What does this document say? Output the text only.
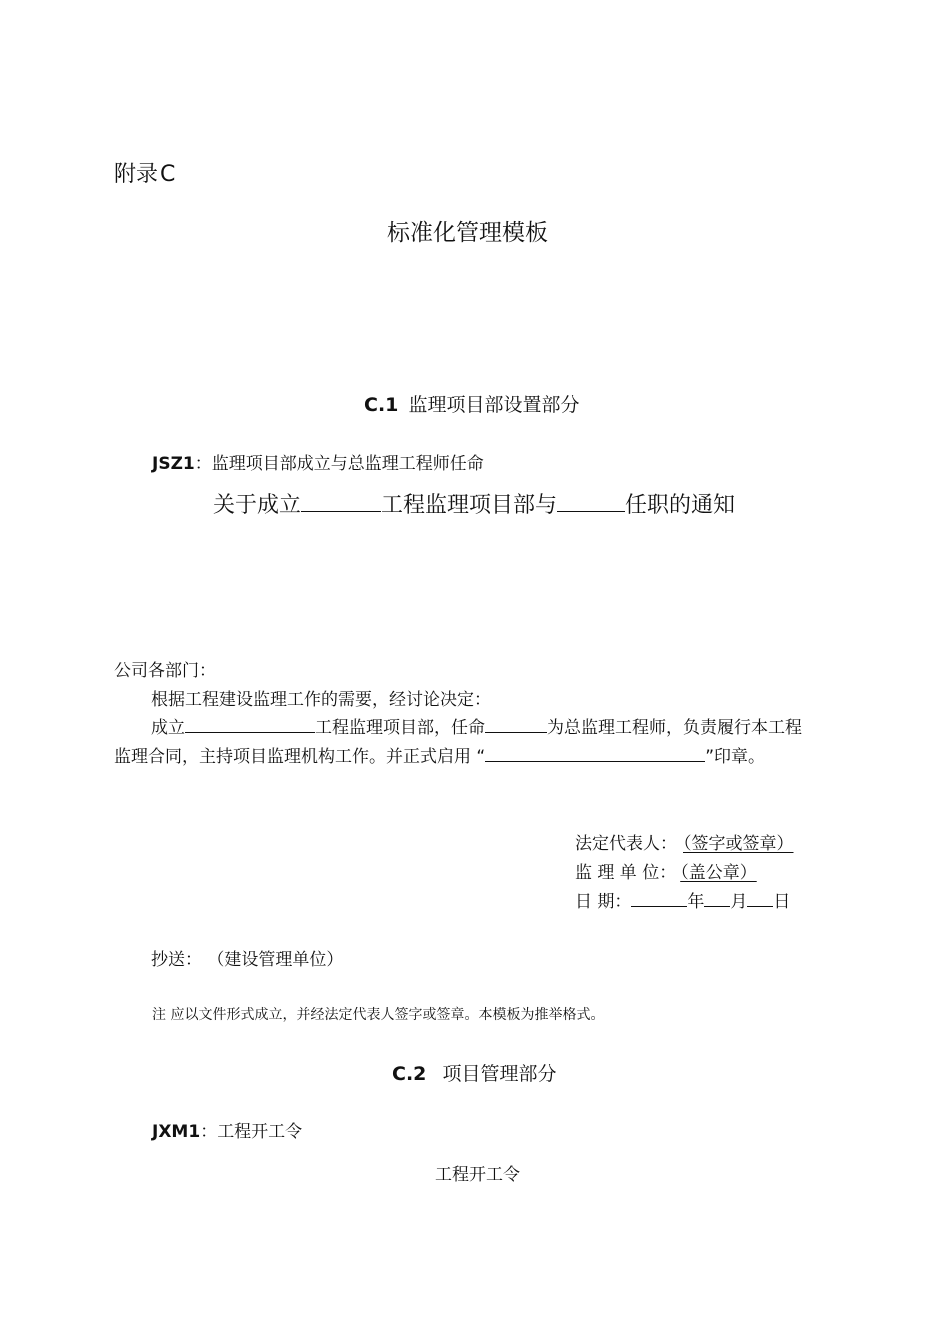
附录C
标准化管理模板
C.1 监理项目部设置部分
JSZ1：监理项目部成立与总监理工程师任命
关于成立	工程监理项目部与	任职的通知
公司各部门：
根据工程建设监理工作的需要，经讨论决定：
成立	工程监理项目部，任命	为总监理工程师，负责履行本工程
监理合同，主持项目监理机构工作。并正式启用 “	”印章。
法定代表人： （签字或签章）
监 理 单 位： （盖公章）
日 期：	年 月 日
抄送： （建设管理单位）
注 应以文件形式成立，并经法定代表人签字或签章。本模板为推举格式。
C.2 项目管理部分
JXM1：工程开工令
工程开工令
